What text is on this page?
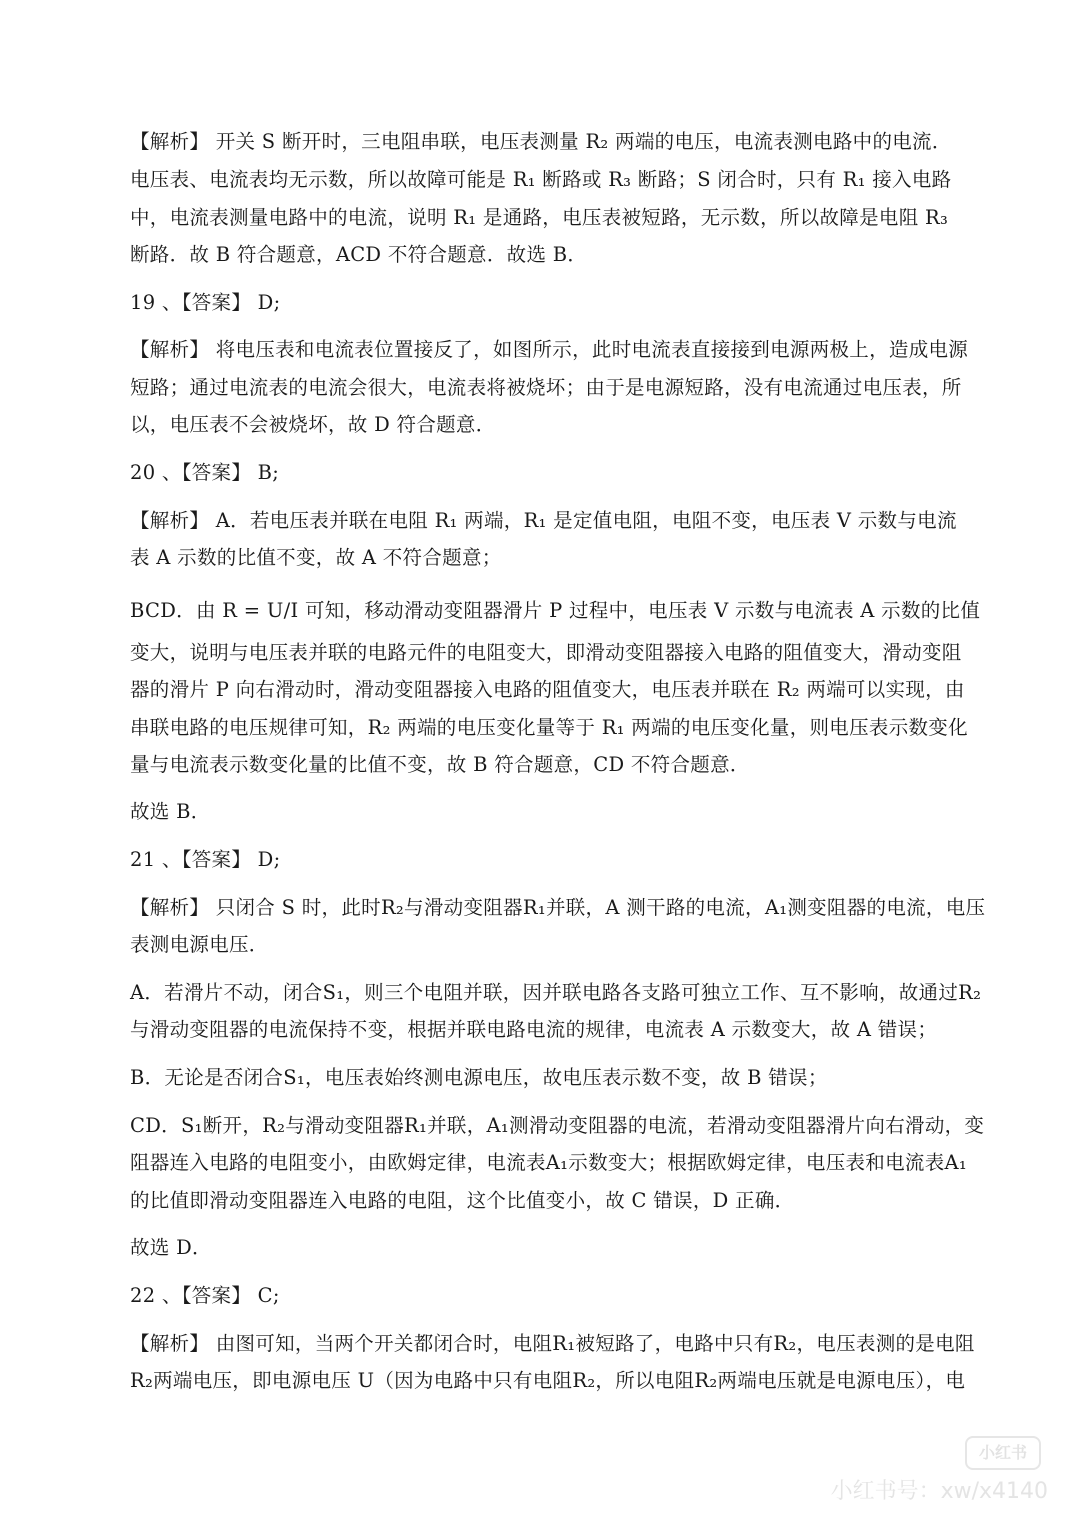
【解析】 开关 S 断开时，三电阻串联，电压表测量 R₂ 两端的电压，电流表测电路中的电流．
电压表、电流表均无示数，所以故障可能是 R₁ 断路或 R₃ 断路；S 闭合时，只有 R₁ 接入电路
中，电流表测量电路中的电流，说明 R₁ 是通路，电压表被短路，无示数，所以故障是电阻 R₃
断路．故 B 符合题意，ACD 不符合题意．故选 B．
19 、【答案】 D;
【解析】 将电压表和电流表位置接反了，如图所示，此时电流表直接接到电源两极上，造成电源
短路；通过电流表的电流会很大，电流表将被烧坏；由于是电源短路，没有电流通过电压表，所
以，电压表不会被烧坏，故 D 符合题意．
20 、【答案】 B;
【解析】 A．若电压表并联在电阻 R₁ 两端，R₁ 是定值电阻，电阻不变，电压表 V 示数与电流
表 A 示数的比值不变，故 A 不符合题意；
BCD．由 R = U/I 可知，移动滑动变阻器滑片 P 过程中，电压表 V 示数与电流表 A 示数的比值
变大，说明与电压表并联的电路元件的电阻变大，即滑动变阻器接入电路的阻值变大，滑动变阻
器的滑片 P 向右滑动时，滑动变阻器接入电路的阻值变大，电压表并联在 R₂ 两端可以实现，由
串联电路的电压规律可知，R₂ 两端的电压变化量等于 R₁ 两端的电压变化量，则电压表示数变化
量与电流表示数变化量的比值不变，故 B 符合题意，CD 不符合题意．
故选 B．
21 、【答案】 D;
【解析】 只闭合 S 时，此时R₂与滑动变阻器R₁并联，A 测干路的电流，A₁测变阻器的电流，电压
表测电源电压．
A．若滑片不动，闭合S₁，则三个电阻并联，因并联电路各支路可独立工作、互不影响，故通过R₂
与滑动变阻器的电流保持不变，根据并联电路电流的规律，电流表 A 示数变大，故 A 错误；
B．无论是否闭合S₁，电压表始终测电源电压，故电压表示数不变，故 B 错误；
CD．S₁断开，R₂与滑动变阻器R₁并联，A₁测滑动变阻器的电流，若滑动变阻器滑片向右滑动，变
阻器连入电路的电阻变小，由欧姆定律，电流表A₁示数变大；根据欧姆定律，电压表和电流表A₁
的比值即滑动变阻器连入电路的电阻，这个比值变小，故 C 错误，D 正确．
故选 D．
22 、【答案】 C;
【解析】 由图可知，当两个开关都闭合时，电阻R₁被短路了，电路中只有R₂，电压表测的是电阻
R₂两端电压，即电源电压 U（因为电路中只有电阻R₂，所以电阻R₂两端电压就是电源电压），电
小红书
小红书号：xw/x4140
